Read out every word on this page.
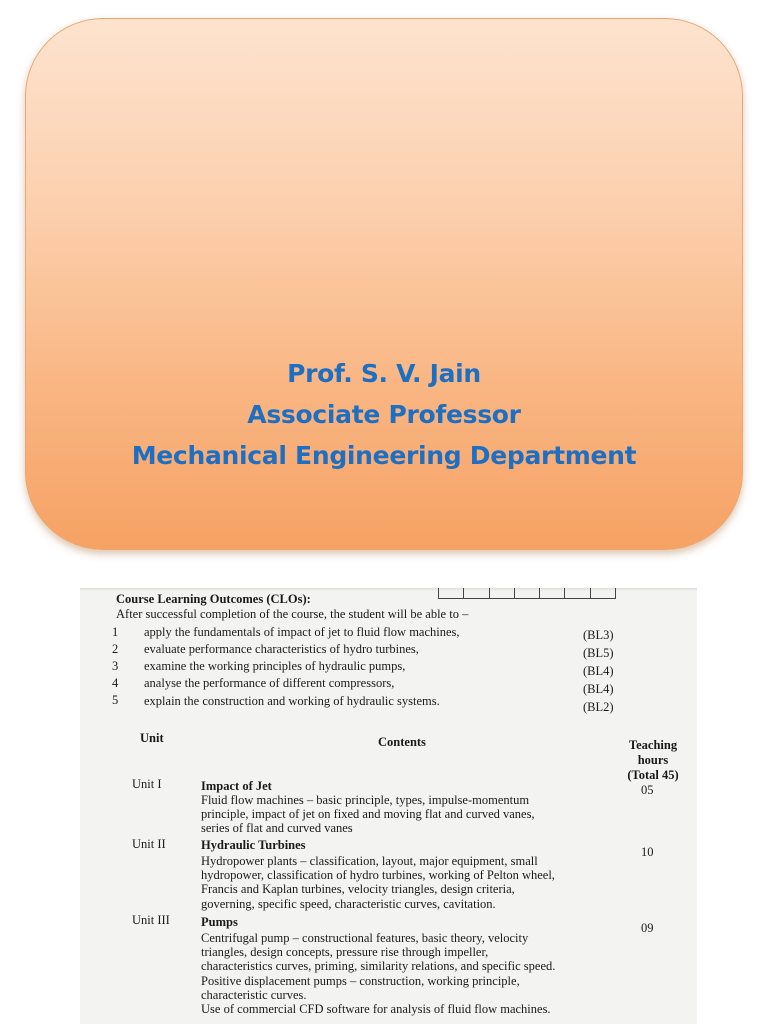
Prof. S. V. Jain
Associate Professor
Mechanical Engineering Department
Course Learning Outcomes (CLOs):
After successful completion of the course, the student will be able to –
1 apply the fundamentals of impact of jet to fluid flow machines,	(BL3)
2 evaluate performance characteristics of hydro turbines,	(BL5)
3 examine the working principles of hydraulic pumps,	(BL4)
4 analyse the performance of different compressors,	(BL4)
5 explain the construction and working of hydraulic systems.	(BL2)
Unit	Contents	Teaching
hours
(Total 45)
Unit I	Impact of Jet	05
Fluid flow machines – basic principle, types, impulse-momentum
principle, impact of jet on fixed and moving flat and curved vanes,
series of flat and curved vanes
Unit II	Hydraulic Turbines	10
Hydropower plants – classification, layout, major equipment, small
hydropower, classification of hydro turbines, working of Pelton wheel,
Francis and Kaplan turbines, velocity triangles, design criteria,
governing, specific speed, characteristic curves, cavitation.
Unit III Pumps	09
Centrifugal pump – constructional features, basic theory, velocity
triangles, design concepts, pressure rise through impeller,
characteristics curves, priming, similarity relations, and specific speed.
Positive displacement pumps – construction, working principle,
characteristic curves.
Use of commercial CFD software for analysis of fluid flow machines.
